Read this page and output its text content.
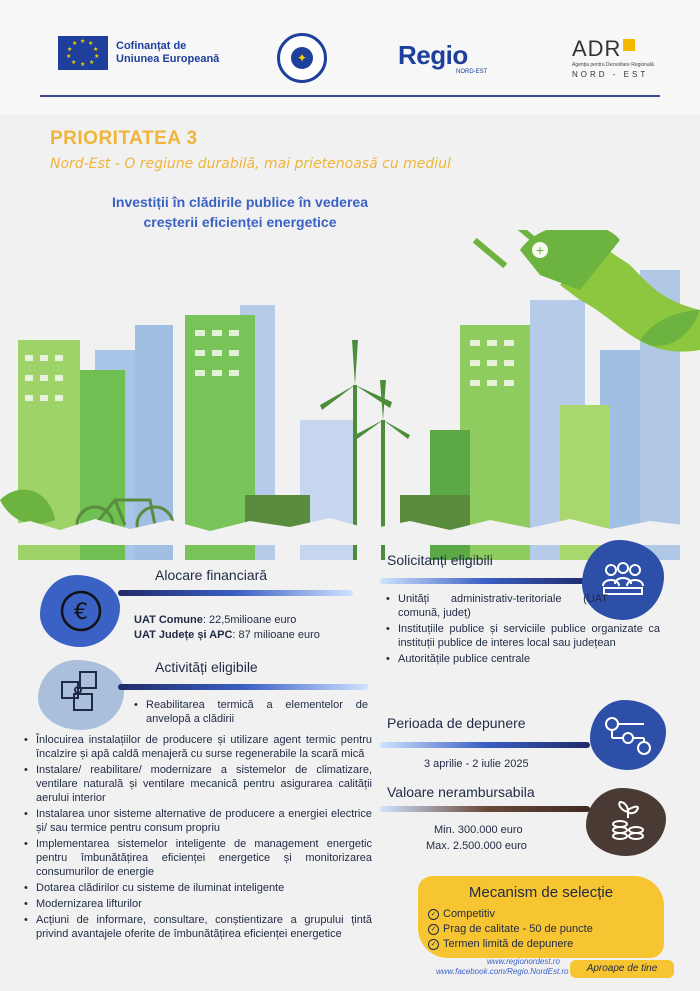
★ ★
★
★
★
★
★
★
★
★	Cofinanțat de
Uniunea Europeană	✦	Regio
NORD-EST
ADR
Agenția pentru Dezvoltare Regională
NORD - EST
PRIORITATEA 3
Nord-Est - O regiune durabilă, mai prietenoasă cu mediul
Investiții în clădirile publice în vederea
creșterii eficienței energetice
+
€
Alocare financiară
UAT Comune: 22,5milioane euro
UAT Județe și APC: 87 milioane euro
Activități eligibile
• Reabilitarea termică a elementelor de anvelopă a clădirii
• Înlocuirea instalațiilor de producere și utilizare agent termic pentru încalzire și apă caldă menajeră cu surse regenerabile la scară mică
• Instalare/ reabilitare/ modernizare a sistemelor de climatizare, ventilare naturală și ventilare mecanică pentru asigurarea calității aerului interior
• Instalarea unor sisteme alternative de producere a energiei electrice și/ sau termice pentru consum propriu
• Implementarea sistemelor inteligente de management energetic pentru îmbunătățirea eficienței energetice și monitorizarea consumurilor de energie
• Dotarea clădirilor cu sisteme de iluminat inteligente
• Modernizarea lifturilor
• Acțiuni de informare, consultare, conștientizare a grupului țintă privind avantajele oferite de îmbunătățirea eficienței energetice
Solicitanți eligibili
• Unități administrativ-teritoriale (UAT comună, județ)
• Instituțiile publice și serviciile publice organizate ca instituții publice de interes local sau județean
• Autoritățile publice centrale
Perioada de depunere
3 aprilie - 2 iulie 2025
Valoare nerambursabila
Min. 300.000 euro
Max. 2.500.000 euro
Mecanism de selecție
✓ Competitiv
✓ Prag de calitate - 50 de puncte
✓ Termen limită de depunere
www.regionordest.ro
www.facebook.com/Regio.NordEst.ro	Aproape de tine
